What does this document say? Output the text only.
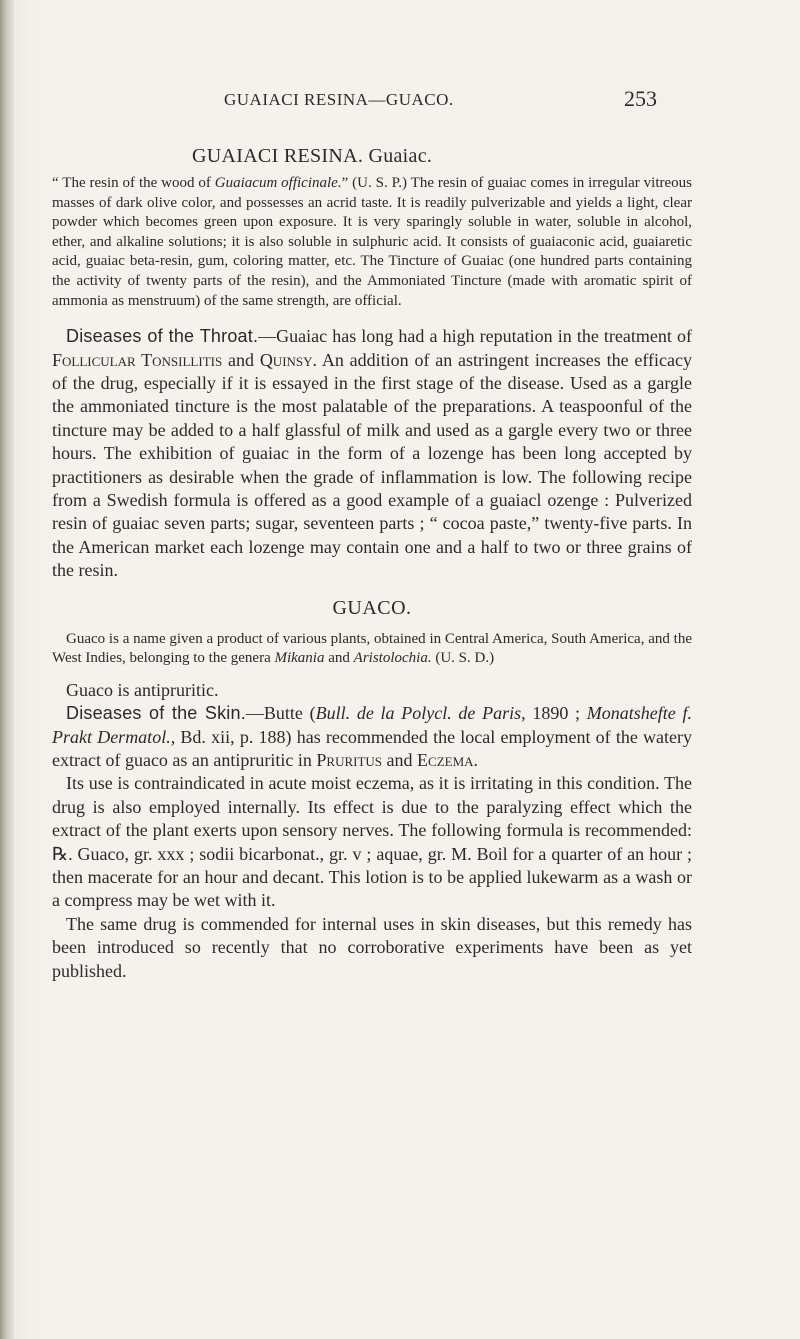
GUAIACI RESINA—GUACO.	253
GUAIACI RESINA. Guaiac.

“ The resin of the wood of Guaiacum officinale.” (U. S. P.) The resin of guaiac comes in irregular vitreous masses of dark olive color, and possesses an acrid taste. It is readily pulverizable and yields a light, clear powder which becomes green upon exposure. It is very sparingly soluble in water, soluble in alcohol, ether, and alkaline solutions; it is also soluble in sulphuric acid. It consists of guaiaconic acid, guaiaretic acid, guaiac beta-resin, gum, coloring matter, etc. The Tincture of Guaiac (one hundred parts containing the activity of twenty parts of the resin), and the Ammoniated Tincture (made with aromatic spirit of ammonia as menstruum) of the same strength, are official.

Diseases of the Throat.—Guaiac has long had a high reputation in the treatment of Follicular Tonsillitis and Quinsy. An addition of an astringent increases the efficacy of the drug, especially if it is essayed in the first stage of the disease. Used as a gargle the ammoniated tincture is the most palatable of the preparations. A teaspoonful of the tincture may be added to a half glassful of milk and used as a gargle every two or three hours. The exhibition of guaiac in the form of a lozenge has been long accepted by practitioners as desirable when the grade of inflammation is low. The following recipe from a Swedish formula is offered as a good example of a guaiacl ozenge : Pulverized resin of guaiac seven parts; sugar, seventeen parts ; “ cocoa paste,” twenty-five parts. In the American market each lozenge may contain one and a half to two or three grains of the resin.

GUACO.

Guaco is a name given a product of various plants, obtained in Central America, South America, and the West Indies, belonging to the genera Mikania and Aristolochia. (U. S. D.)

Guaco is antipruritic.

Diseases of the Skin.—Butte (Bull. de la Polycl. de Paris, 1890 ; Monatshefte f. Prakt Dermatol., Bd. xii, p. 188) has recommended the local employment of the watery extract of guaco as an antipruritic in Pruritus and Eczema.

Its use is contraindicated in acute moist eczema, as it is irritating in this condition. The drug is also employed internally. Its effect is due to the paralyzing effect which the extract of the plant exerts upon sensory nerves. The following formula is recommended: ℞. Guaco, gr. xxx ; sodii bicarbonat., gr. v ; aquae, gr. M. Boil for a quarter of an hour ; then macerate for an hour and decant. This lotion is to be applied lukewarm as a wash or a compress may be wet with it.

The same drug is commended for internal uses in skin diseases, but this remedy has been introduced so recently that no corroborative experiments have been as yet published.
